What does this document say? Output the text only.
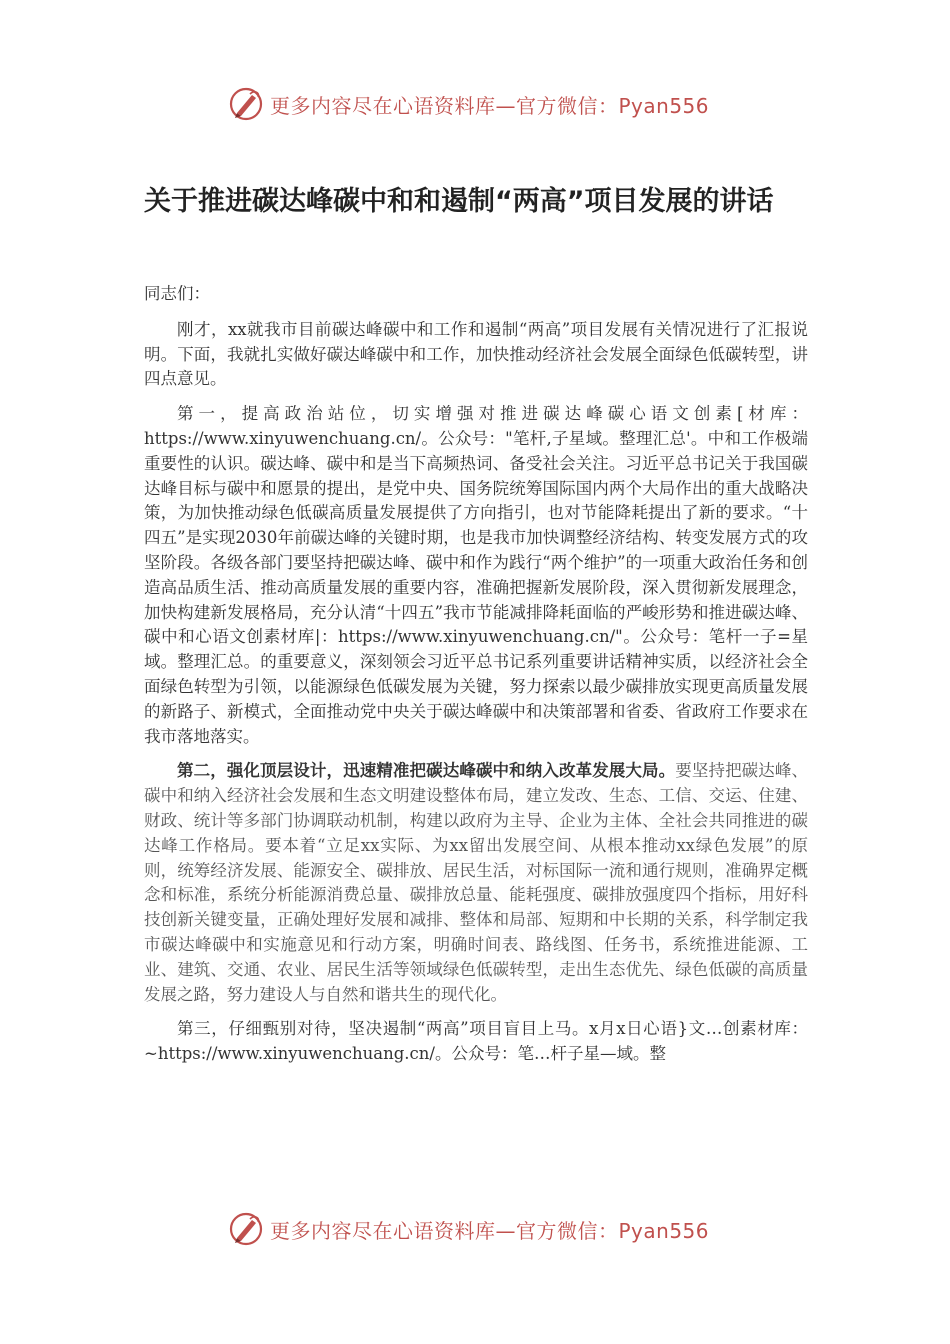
更多内容尽在心语资料库—官方微信：Pyan556
关于推进碳达峰碳中和和遏制“两高”项目发展的讲话

同志们：

刚才，xx就我市目前碳达峰碳中和工作和遏制“两高”项目发展有关情况进行了汇报说明。下面，我就扎实做好碳达峰碳中和工作，加快推动经济社会发展全面绿色低碳转型，讲四点意见。

第一，提高政治站位，切实增强对推进碳达峰碳心语文创素[材库：https://www.xinyuwenchuang.cn/。公众号："笔杆,子星域。整理汇总'。中和工作极端重要性的认识。碳达峰、碳中和是当下高频热词、备受社会关注。习近平总书记关于我国碳达峰目标与碳中和愿景的提出，是党中央、国务院统筹国际国内两个大局作出的重大战略决策，为加快推动绿色低碳高质量发展提供了方向指引，也对节能降耗提出了新的要求。“十四五”是实现2030年前碳达峰的关键时期，也是我市加快调整经济结构、转变发展方式的攻坚阶段。各级各部门要坚持把碳达峰、碳中和作为践行“两个维护”的一项重大政治任务和创造高品质生活、推动高质量发展的重要内容，准确把握新发展阶段，深入贯彻新发展理念，加快构建新发展格局，充分认清“十四五”我市节能减排降耗面临的严峻形势和推进碳达峰、碳中和心语文创素材库|：https://www.xinyuwenchuang.cn/"。公众号：笔杆一子=星域。整理汇总。的重要意义，深刻领会习近平总书记系列重要讲话精神实质，以经济社会全面绿色转型为引领，以能源绿色低碳发展为关键，努力探索以最少碳排放实现更高质量发展的新路子、新模式，全面推动党中央关于碳达峰碳中和决策部署和省委、省政府工作要求在我市落地落实。

第二，强化顶层设计，迅速精准把碳达峰碳中和纳入改革发展大局。要坚持把碳达峰、碳中和纳入经济社会发展和生态文明建设整体布局，建立发改、生态、工信、交运、住建、财政、统计等多部门协调联动机制，构建以政府为主导、企业为主体、全社会共同推进的碳达峰工作格局。要本着“立足xx实际、为xx留出发展空间、从根本推动xx绿色发展”的原则，统筹经济发展、能源安全、碳排放、居民生活，对标国际一流和通行规则，准确界定概念和标准，系统分析能源消费总量、碳排放总量、能耗强度、碳排放强度四个指标，用好科技创新关键变量，正确处理好发展和减排、整体和局部、短期和中长期的关系，科学制定我市碳达峰碳中和实施意见和行动方案，明确时间表、路线图、任务书，系统推进能源、工业、建筑、交通、农业、居民生活等领域绿色低碳转型，走出生态优先、绿色低碳的高质量发展之路，努力建设人与自然和谐共生的现代化。

第三，仔细甄别对待，坚决遏制“两高”项目盲目上马。x月x日心语}文…创素材库：~https://www.xinyuwenchuang.cn/。公众号：笔…杆子星—域。整

更多内容尽在心语资料库—官方微信：Pyan556
